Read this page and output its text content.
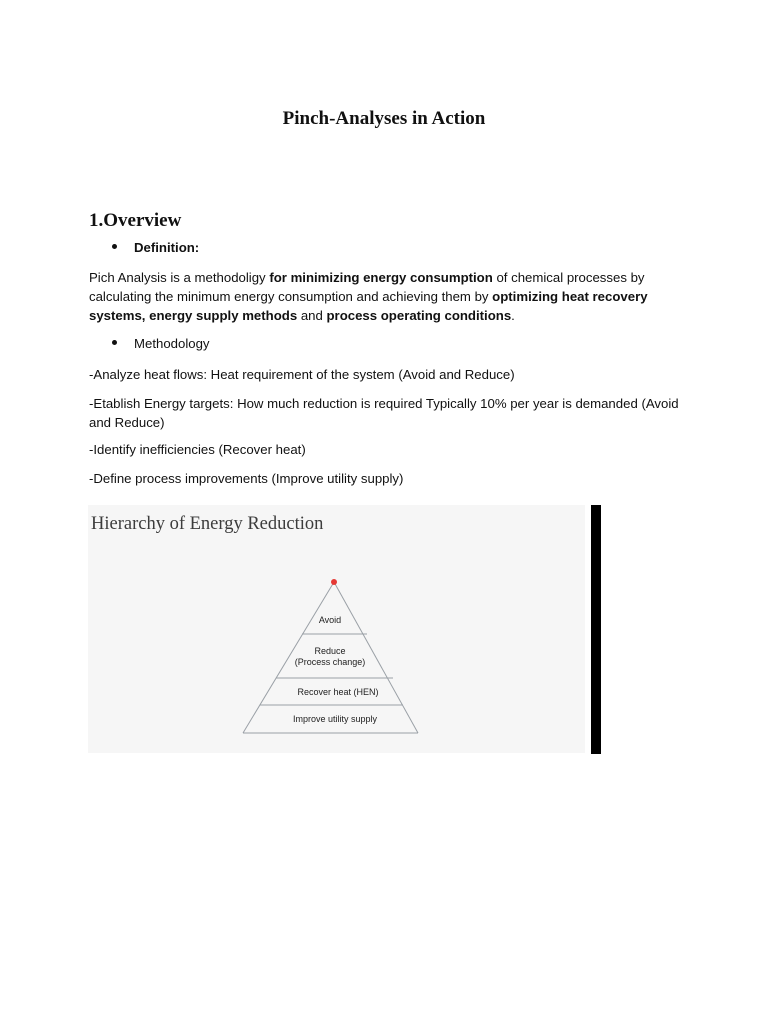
Pinch-Analyses in Action
1.Overview
Definition:
Pich Analysis is a methodoligy for minimizing energy consumption of chemical processes by calculating the minimum energy consumption and achieving them by optimizing heat recovery systems, energy supply methods and process operating conditions.
Methodology
-Analyze heat flows: Heat requirement of the system (Avoid and Reduce)
-Etablish Energy targets: How much reduction is required Typically 10% per year is demanded (Avoid and Reduce)
-Identify inefficiencies (Recover heat)
-Define process improvements (Improve utility supply)
Hierarchy of Energy Reduction
Avoid
Reduce
(Process change)
Recover heat (HEN)
Improve utility supply
